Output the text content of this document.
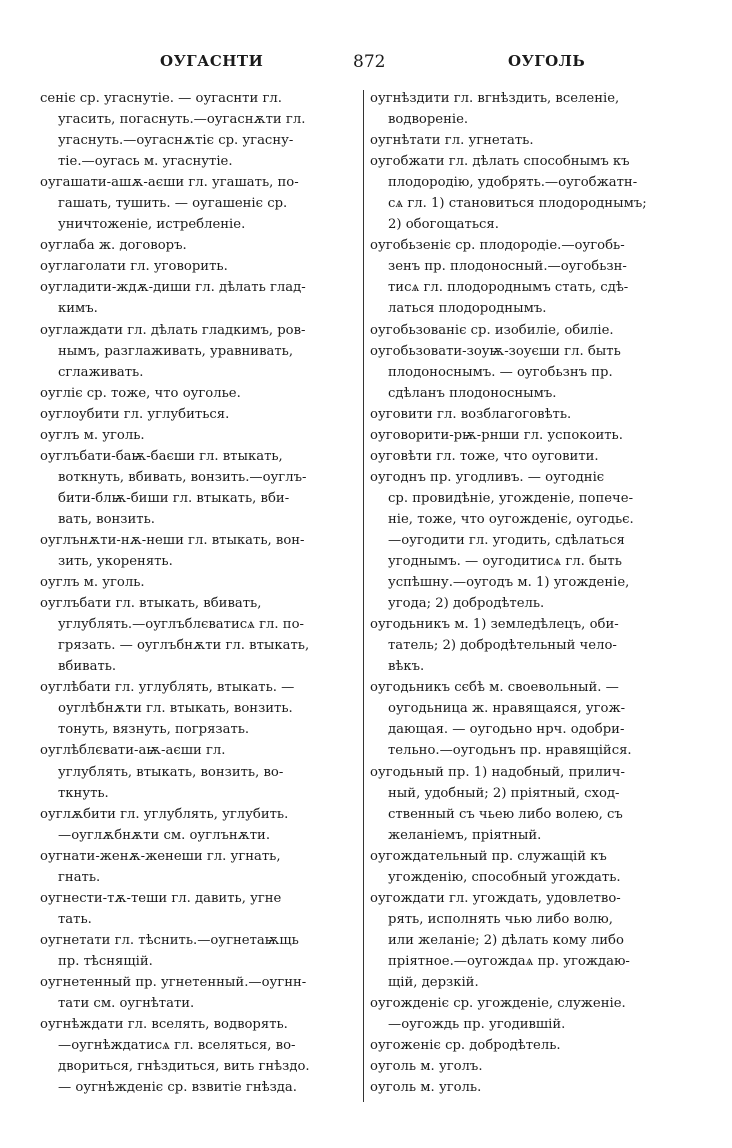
ОУГАСНТИ	872	ОУГОЛЬ
сеніє ср. угаснутіе. — оугаснти гл.
угасить, погаснуть.—оугаснѫти гл.
угаснуть.—оугаснѫтіє ср. угасну-
тіе.—оугась м. угаснутіе.
оугашати-ашѫ-аєши гл. угашать, по-
гашать, тушить. — оугашеніє ср.
уничтоженіе, истребленіе.
оуглаба ж. договоръ.
оуглаголати гл. уговорить.
оугладити-ждѫ-диши гл. дѣлать глад-
кимъ.
оуглаждати гл. дѣлать гладкимъ, ров-
нымъ, разглаживать, уравнивать,
сглаживать.
оугліє ср. тоже, что оуголье.
оуглоубити гл. углубиться.
оуглъ м. уголь.
оуглъбати-баѭ-баєши гл. втыкать,
воткнуть, вбивать, вонзить.—оуглъ-
бити-блѭ-биши гл. втыкать, вби-
вать, вонзить.
оуглънѫти-нѫ-неши гл. втыкать, вон-
зить, укоренять.
оуглъ м. уголь.
оуглъбати гл. втыкать, вбивать,
углублять.—оуглъблєватисѧ гл. по-
грязать. — оуглъбнѫти гл. втыкать,
вбивать.
оуглѣбати гл. углублять, втыкать. —
оуглѣбнѫти гл. втыкать, вонзить.
тонуть, вязнуть, погрязать.
оуглѣблєвати-аѭ-аєши гл.
углублять, втыкать, вонзить, во-
ткнуть.
оуглѫбити гл. углублять, углубить.
—оуглѫбнѫти см. оуглънѫти.
оугнати-женѫ-женеши гл. угнать,
гнать.
оугнести-тѫ-теши гл. давить, угне
тать.
оугнетати гл. тѣснить.—оугнетаѭщь
пр. тѣснящій.
оугнетенный пр. угнетенный.—оугнн-
тати см. оугнѣтати.
оугнѣждати гл. вселять, водворять.
—оугнѣждатисѧ гл. вселяться, во-
двориться, гнѣздиться, вить гнѣздо.
— оугнѣжденіє ср. взвитіе гнѣзда.
оугнѣздити гл. вгнѣздить, вселеніе,
водвореніе.
оугнѣтати гл. угнетать.
оугобжати гл. дѣлать способнымъ къ
плодородію, удобрять.—оугобжатн-
сѧ гл. 1) становиться плодороднымъ;
2) обогощаться.
оугобьзеніє ср. плодородіе.—оугобь-
зенъ пр. плодоносный.—оугобьзн-
тисѧ гл. плодороднымъ стать, сдѣ-
латься плодороднымъ.
оугобьзованіє ср. изобиліе, обиліе.
оугобьзовати-зоуѭ-зоуєши гл. быть
плодоноснымъ. — оугобьзнъ пр.
сдѣланъ плодоноснымъ.
оуговити гл. возблагоговѣть.
оуговорити-рѭ-рнши гл. успокоить.
оуговѣти гл. тоже, что оуговити.
оугоднъ пр. угодливъ. — оугодніє
ср. провидѣніе, угожденіе, попече-
ніе, тоже, что оугожденіє, оугодьє.
—оугодити гл. угодить, сдѣлаться
угоднымъ. — оугодитисѧ гл. быть
успѣшну.—оугодъ м. 1) угожденіе,
угода; 2) добродѣтель.
оугодьникъ м. 1) земледѣлецъ, оби-
татель; 2) добродѣтельный чело-
вѣкъ.
оугодьникъ сєбѣ м. своевольный. —
оугодьница ж. нравящаяся, угож-
дающая. — оугодьно нрч. одобри-
тельно.—оугодьнъ пр. нравящійся.
оугодьный пр. 1) надобный, прилич-
ный, удобный; 2) пріятный, сход-
ственный съ чьею либо волею, съ
желаніемъ, пріятный.
оугождательный пр. служащій къ
угожденію, способный угождать.
оугождати гл. угождать, удовлетво-
рять, исполнять чью либо волю,
или желаніе; 2) дѣлать кому либо
пріятное.—оугождаѧ пр. угождаю-
щій, дерзкій.
оугожденіє ср. угожденіе, служеніе.
—оугождь пр. угодившій.
оугоженіє ср. добродѣтель.
оуголь м. уголъ.
оуголь м. уголь.
